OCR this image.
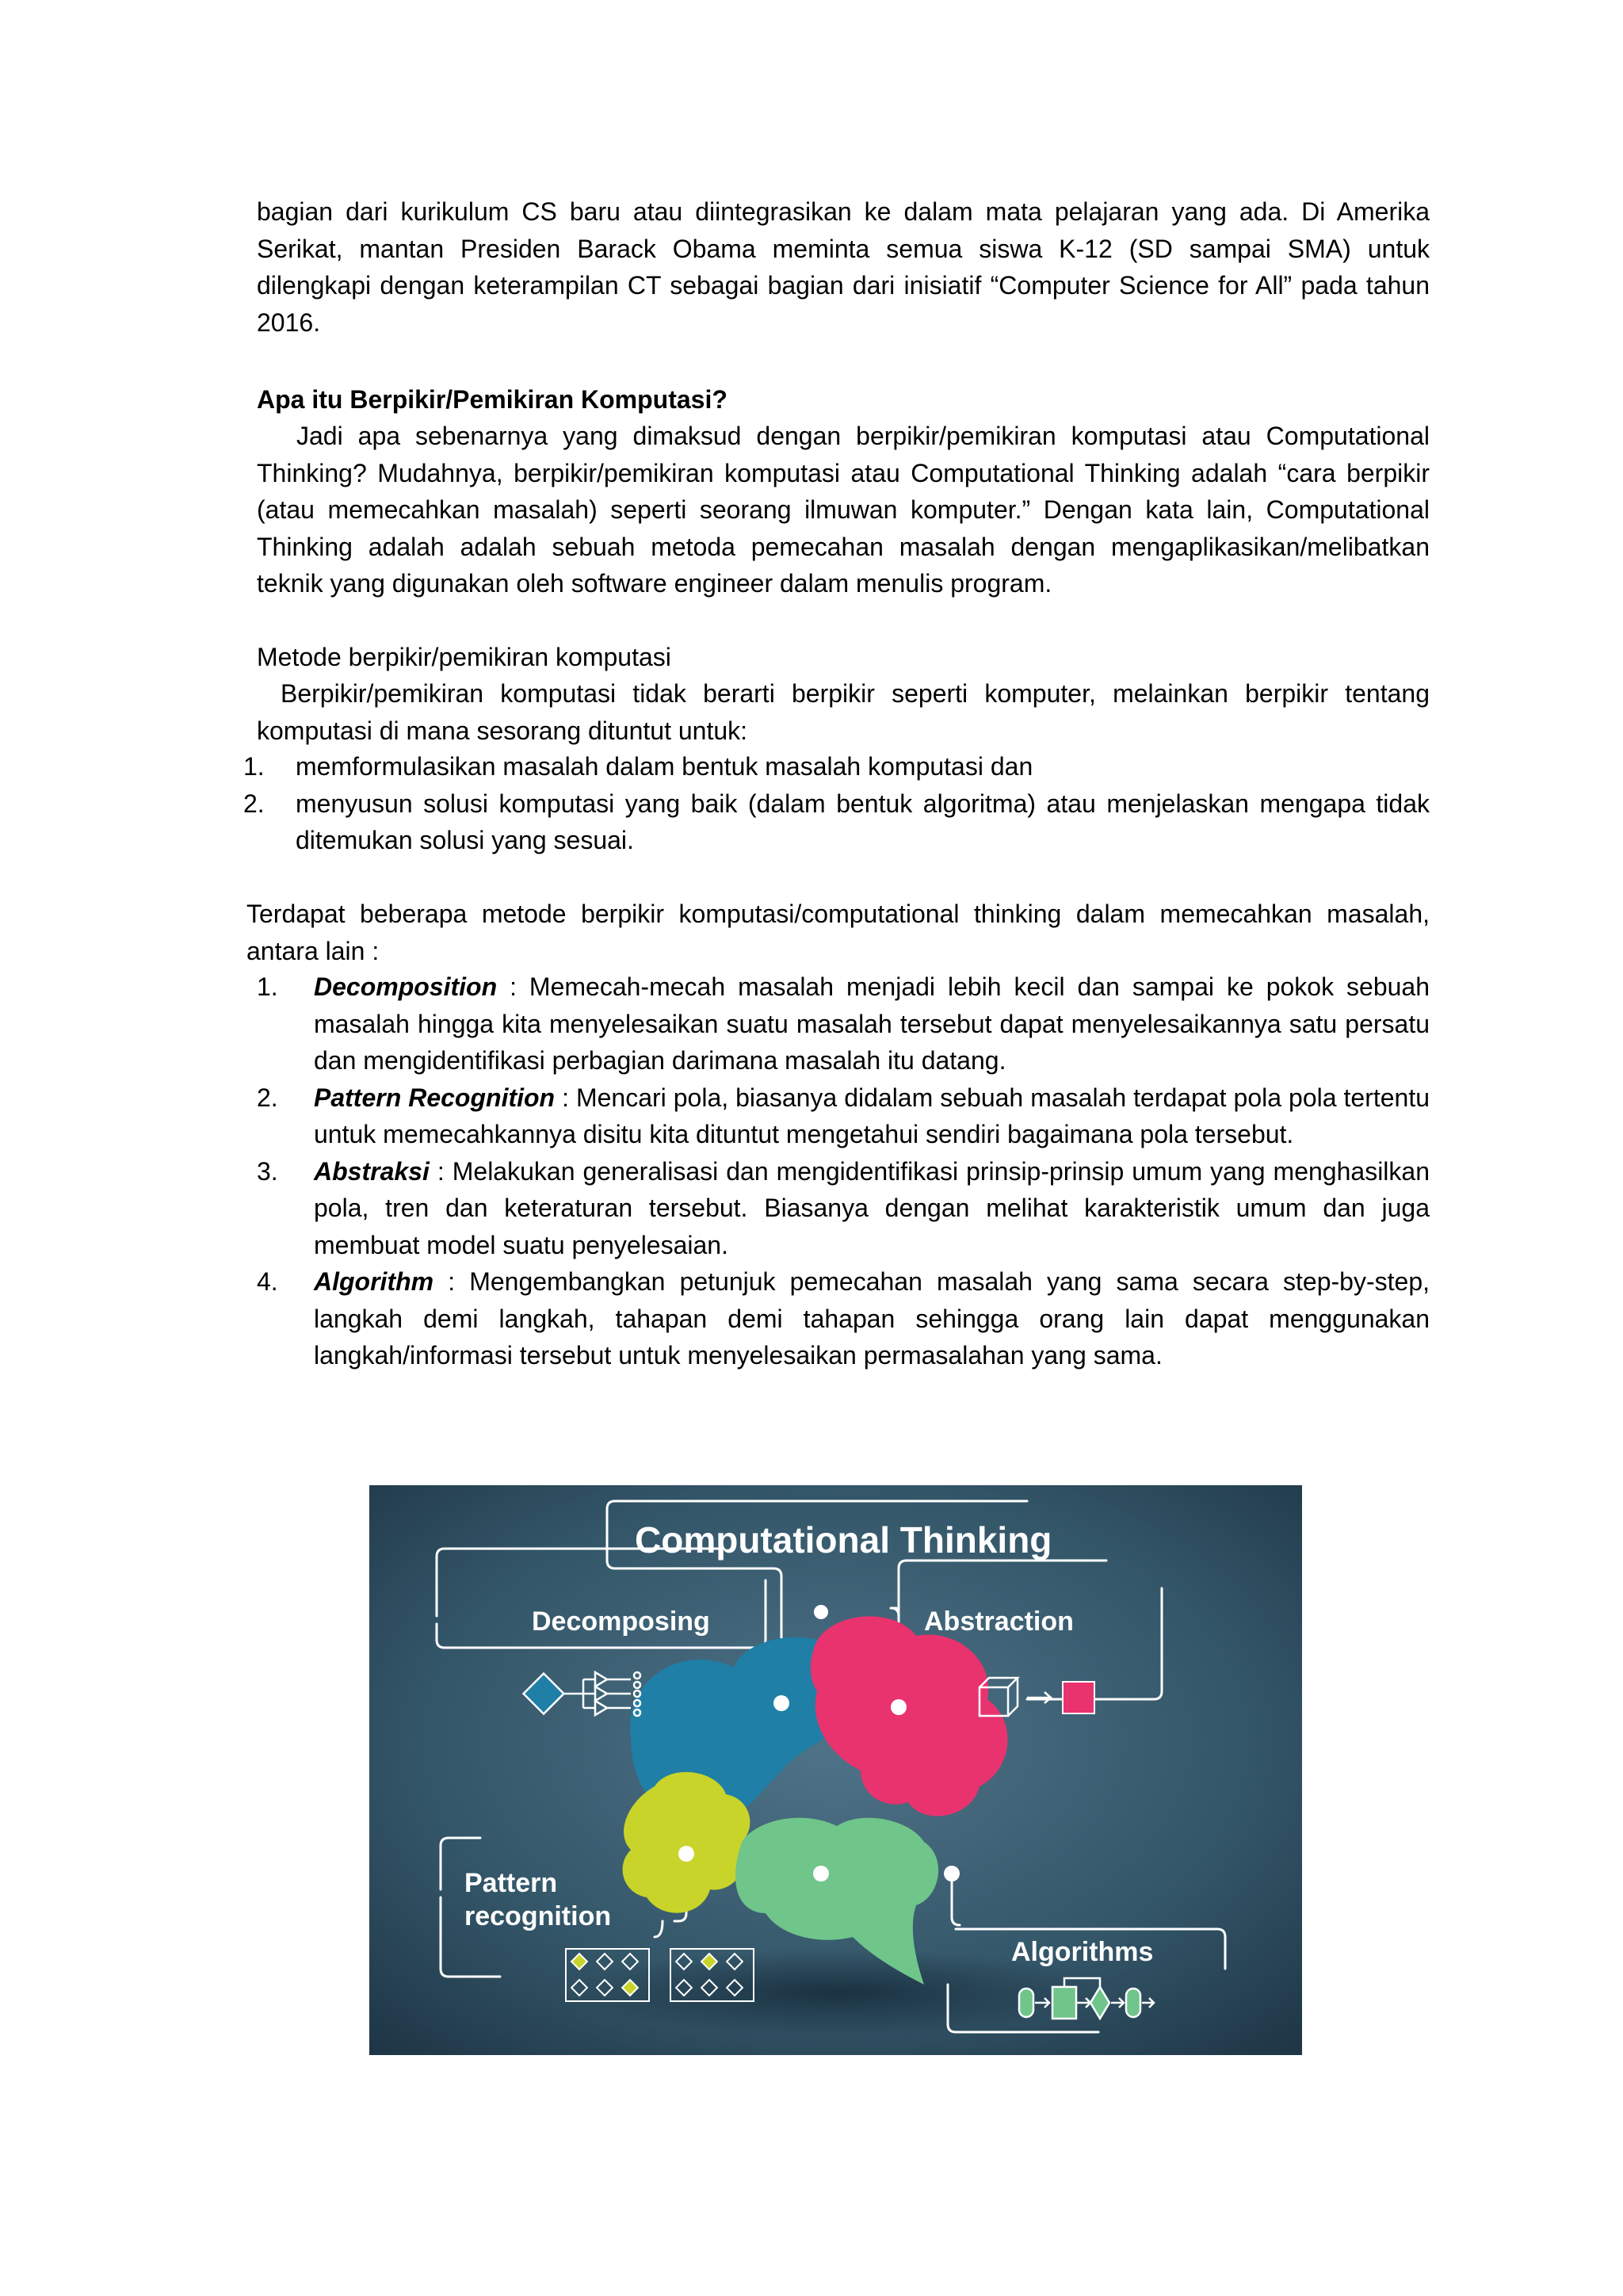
bagian dari kurikulum CS baru atau diintegrasikan ke dalam mata pelajaran yang ada. Di Amerika Serikat, mantan Presiden Barack Obama meminta semua siswa K-12 (SD sampai SMA) untuk dilengkapi dengan keterampilan CT sebagai bagian dari inisiatif “Computer Science for All” pada tahun 2016.

Apa itu Berpikir/Pemikiran Komputasi?

Jadi apa sebenarnya yang dimaksud dengan berpikir/pemikiran komputasi atau Computational Thinking? Mudahnya, berpikir/pemikiran komputasi atau Computational Thinking adalah “cara berpikir (atau memecahkan masalah) seperti seorang ilmuwan komputer.” Dengan kata lain, Computational Thinking adalah adalah sebuah metoda pemecahan masalah dengan mengaplikasikan/melibatkan teknik yang digunakan oleh software engineer dalam menulis program.

Metode berpikir/pemikiran komputasi

Berpikir/pemikiran komputasi tidak berarti berpikir seperti komputer, melainkan berpikir tentang komputasi di mana sesorang dituntut untuk:

1. memformulasikan masalah dalam bentuk masalah komputasi dan
2. menyusun solusi komputasi yang baik (dalam bentuk algoritma) atau menjelaskan mengapa tidak ditemukan solusi yang sesuai.

Terdapat beberapa metode berpikir komputasi/computational thinking dalam memecahkan masalah, antara lain :

1. Decomposition : Memecah-mecah masalah menjadi lebih kecil dan sampai ke pokok sebuah masalah hingga kita menyelesaikan suatu masalah tersebut dapat menyelesaikannya satu persatu dan mengidentifikasi perbagian darimana masalah itu datang.
2. Pattern Recognition : Mencari pola, biasanya didalam sebuah masalah terdapat pola pola tertentu untuk memecahkannya disitu kita dituntut mengetahui sendiri bagaimana pola tersebut.
3. Abstraksi : Melakukan generalisasi dan mengidentifikasi prinsip-prinsip umum yang menghasilkan pola, tren dan keteraturan tersebut. Biasanya dengan melihat karakteristik umum dan juga membuat model suatu penyelesaian.
4. Algorithm : Mengembangkan petunjuk pemecahan masalah yang sama secara step-by-step, langkah demi langkah, tahapan demi tahapan sehingga orang lain dapat menggunakan langkah/informasi tersebut untuk menyelesaikan permasalahan yang sama.
Computational Thinking
Decomposing	Abstraction
Pattern
recognition
Algorithms
